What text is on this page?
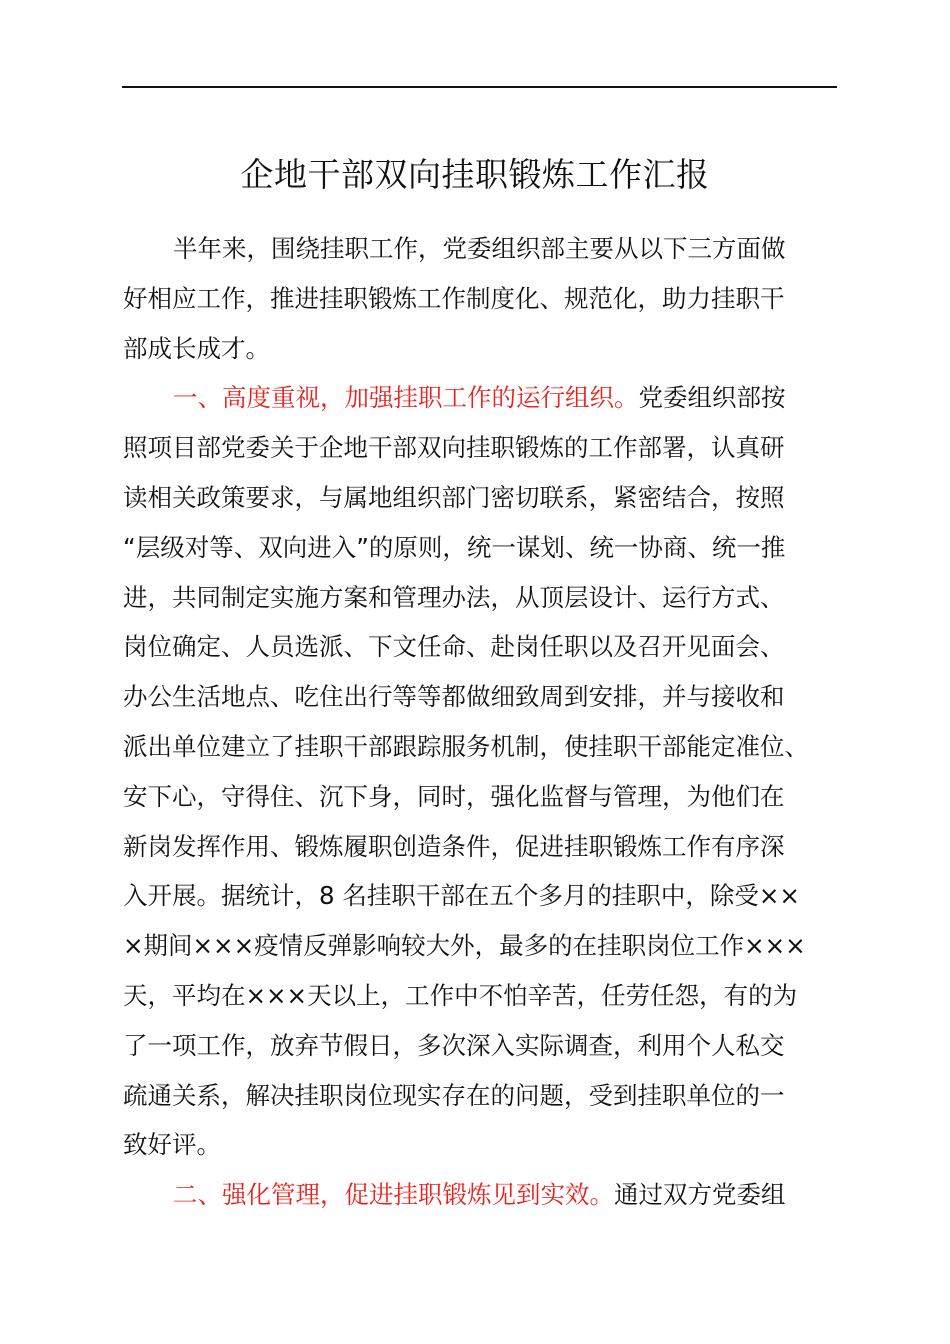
企地干部双向挂职锻炼工作汇报

半年来，围绕挂职工作，党委组织部主要从以下三方面做
好相应工作，推进挂职锻炼工作制度化、规范化，助力挂职干
部成长成才。

一、高度重视，加强挂职工作的运行组织。党委组织部按
照项目部党委关于企地干部双向挂职锻炼的工作部署，认真研
读相关政策要求，与属地组织部门密切联系，紧密结合，按照
“层级对等、双向进入”的原则，统一谋划、统一协商、统一推
进，共同制定实施方案和管理办法，从顶层设计、运行方式、
岗位确定、人员选派、下文任命、赴岗任职以及召开见面会、
办公生活地点、吃住出行等等都做细致周到安排，并与接收和
派出单位建立了挂职干部跟踪服务机制，使挂职干部能定准位、
安下心，守得住、沉下身，同时，强化监督与管理，为他们在
新岗发挥作用、锻炼履职创造条件，促进挂职锻炼工作有序深
入开展。据统计，8 名挂职干部在五个多月的挂职中，除受××
×期间×××疫情反弹影响较大外，最多的在挂职岗位工作×××
天，平均在×××天以上，工作中不怕辛苦，任劳任怨，有的为
了一项工作，放弃节假日，多次深入实际调查，利用个人私交
疏通关系，解决挂职岗位现实存在的问题，受到挂职单位的一
致好评。

二、强化管理，促进挂职锻炼见到实效。通过双方党委组
